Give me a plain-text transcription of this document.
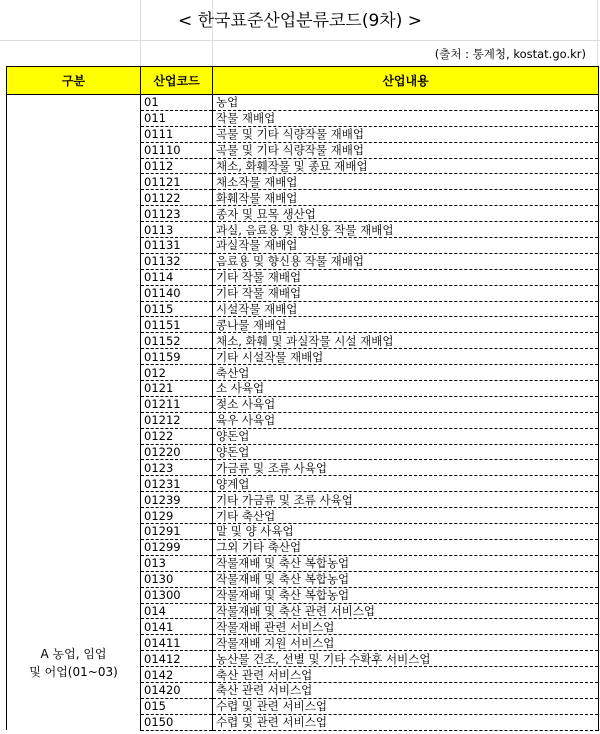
< 한국표준산업분류코드(9차) >
(출처 : 통계청, kostat.go.kr)
구분	산업코드	산업내용

A 농업, 임업
및 어업(01~03)	01	농업
	011	작물 재배업
	0111	곡물 및 기타 식량작물 재배업
	01110	곡물 및 기타 식량작물 재배업
	0112	채소, 화훼작물 및 종묘 재배업
	01121	채소작물 재배업
	01122	화훼작물 재배업
	01123	종자 및 묘목 생산업
	0113	과실, 음료용 및 향신용 작물 재배업
	01131	과실작물 재배업
	01132	음료용 및 향신용 작물 재배업
	0114	기타 작물 재배업
	01140	기타 작물 재배업
	0115	시설작물 재배업
	01151	콩나물 재배업
	01152	채소, 화훼 및 과실작물 시설 재배업
	01159	기타 시설작물 재배업
	012	축산업
	0121	소 사육업
	01211	젖소 사육업
	01212	육우 사육업
	0122	양돈업
	01220	양돈업
	0123	가금류 및 조류 사육업
	01231	양계업
	01239	기타 가금류 및 조류 사육업
	0129	기타 축산업
	01291	말 및 양 사육업
	01299	그외 기타 축산업
	013	작물재배 및 축산 복합농업
	0130	작물재배 및 축산 복합농업
	01300	작물재배 및 축산 복합농업
	014	작물재배 및 축산 관련 서비스업
	0141	작물재배 관련 서비스업
	01411	작물재배 지원 서비스업
	01412	농산물 건조, 선별 및 기타 수확후 서비스업
	0142	축산 관련 서비스업
	01420	축산 관련 서비스업
	015	수렵 및 관련 서비스업
	0150	수렵 및 관련 서비스업
